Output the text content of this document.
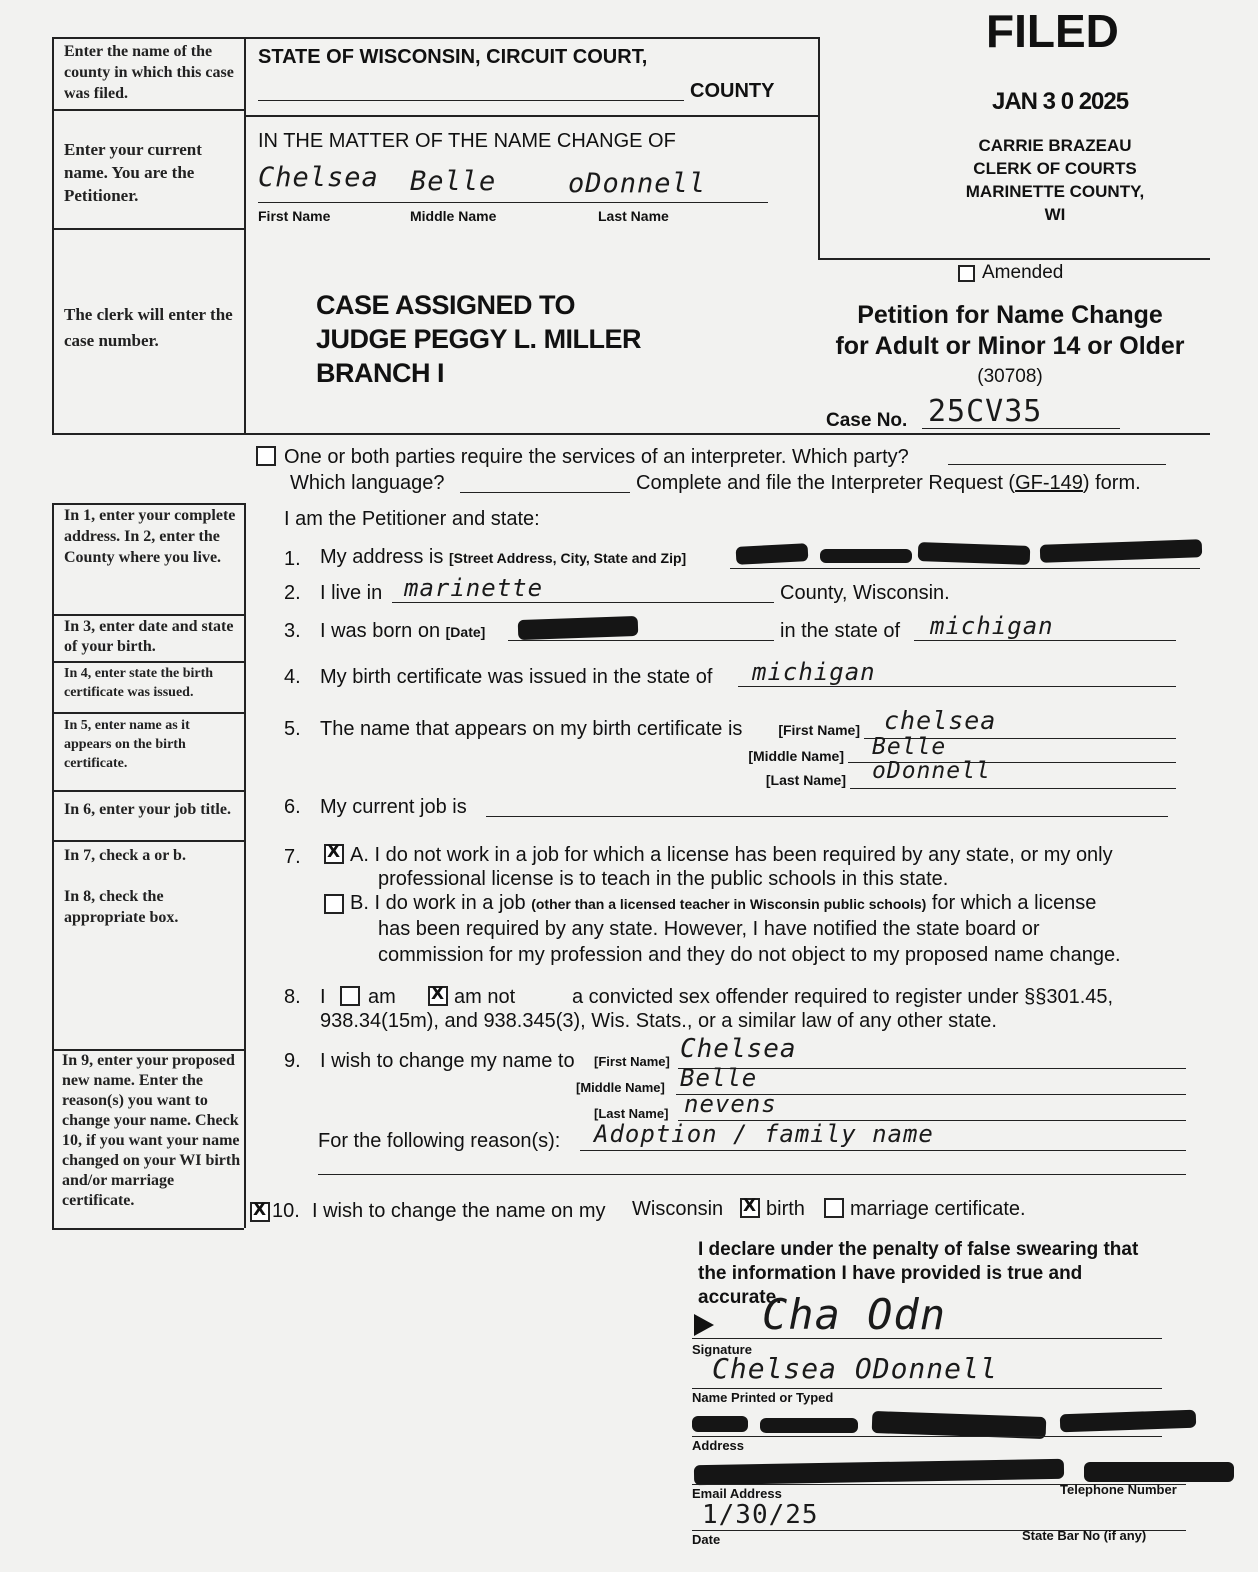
Enter the name of the county in which this case was filed.
Enter your current name. You are the Petitioner.
The clerk will enter the case number.
In 1, enter your complete address. In 2, enter the County where you live.
In 3, enter date and state of your birth.
In 4, enter state the birth certificate was issued.
In 5, enter name as it appears on the birth certificate.
In 6, enter your job title.
In 7, check a or b.
In 8, check the appropriate box.
In 9, enter your proposed new name. Enter the reason(s) you want to change your name. Check 10, if you want your name changed on your WI birth and/or marriage certificate.
STATE OF WISCONSIN, CIRCUIT COURT,
COUNTY
IN THE MATTER OF THE NAME CHANGE OF
Chelsea Belle	oDonnell
First Name	Middle Name	Last Name
CASE ASSIGNED TO
JUDGE PEGGY L. MILLER
BRANCH I
FILED
JAN 3 0 2025
CARRIE BRAZEAU
CLERK OF COURTS
MARINETTE COUNTY, WI
Amended
Petition for Name Change
for Adult or Minor 14 or Older
(30708)
Case No. 25CV35
One or both parties require the services of an interpreter. Which party?
Which language?	Complete and file the Interpreter Request (GF-149) form.
I am the Petitioner and state:
1. My address is [Street Address, City, State and Zip]
2. I live in marinette	County, Wisconsin.
3. I was born on [Date]	in the state of michigan
4. My birth certificate was issued in the state of michigan
5. The name that appears on my birth certificate is	[First Name] chelsea
[Middle Name] Belle
[Last Name] oDonnell
6. My current job is
7. X A. I do not work in a job for which a license has been required by any state, or my only
professional license is to teach in the public schools in this state.
B. I do work in a job (other than a licensed teacher in Wisconsin public schools) for which a license
has been required by any state. However, I have notified the state board or
commission for my profession and they do not object to my proposed name change.
8. I am X	am not	a convicted sex offender required to register under §§301.45,
938.34(15m), and 938.345(3), Wis. Stats., or a similar law of any other state.
9. I wish to change my name to [First Name] Chelsea
[Middle Name] Belle
[Last Name] nevens
For the following reason(s): Adoption / family name
X
10. I wish to change the name on my Wisconsin X birth marriage certificate.
I declare under the penalty of false swearing that
the information I have provided is true and
accurate.
Cha Odn
Signature
Chelsea ODonnell
Name Printed or Typed
Address
Email Address	Telephone Number
1/30/25
Date	State Bar No (if any)
